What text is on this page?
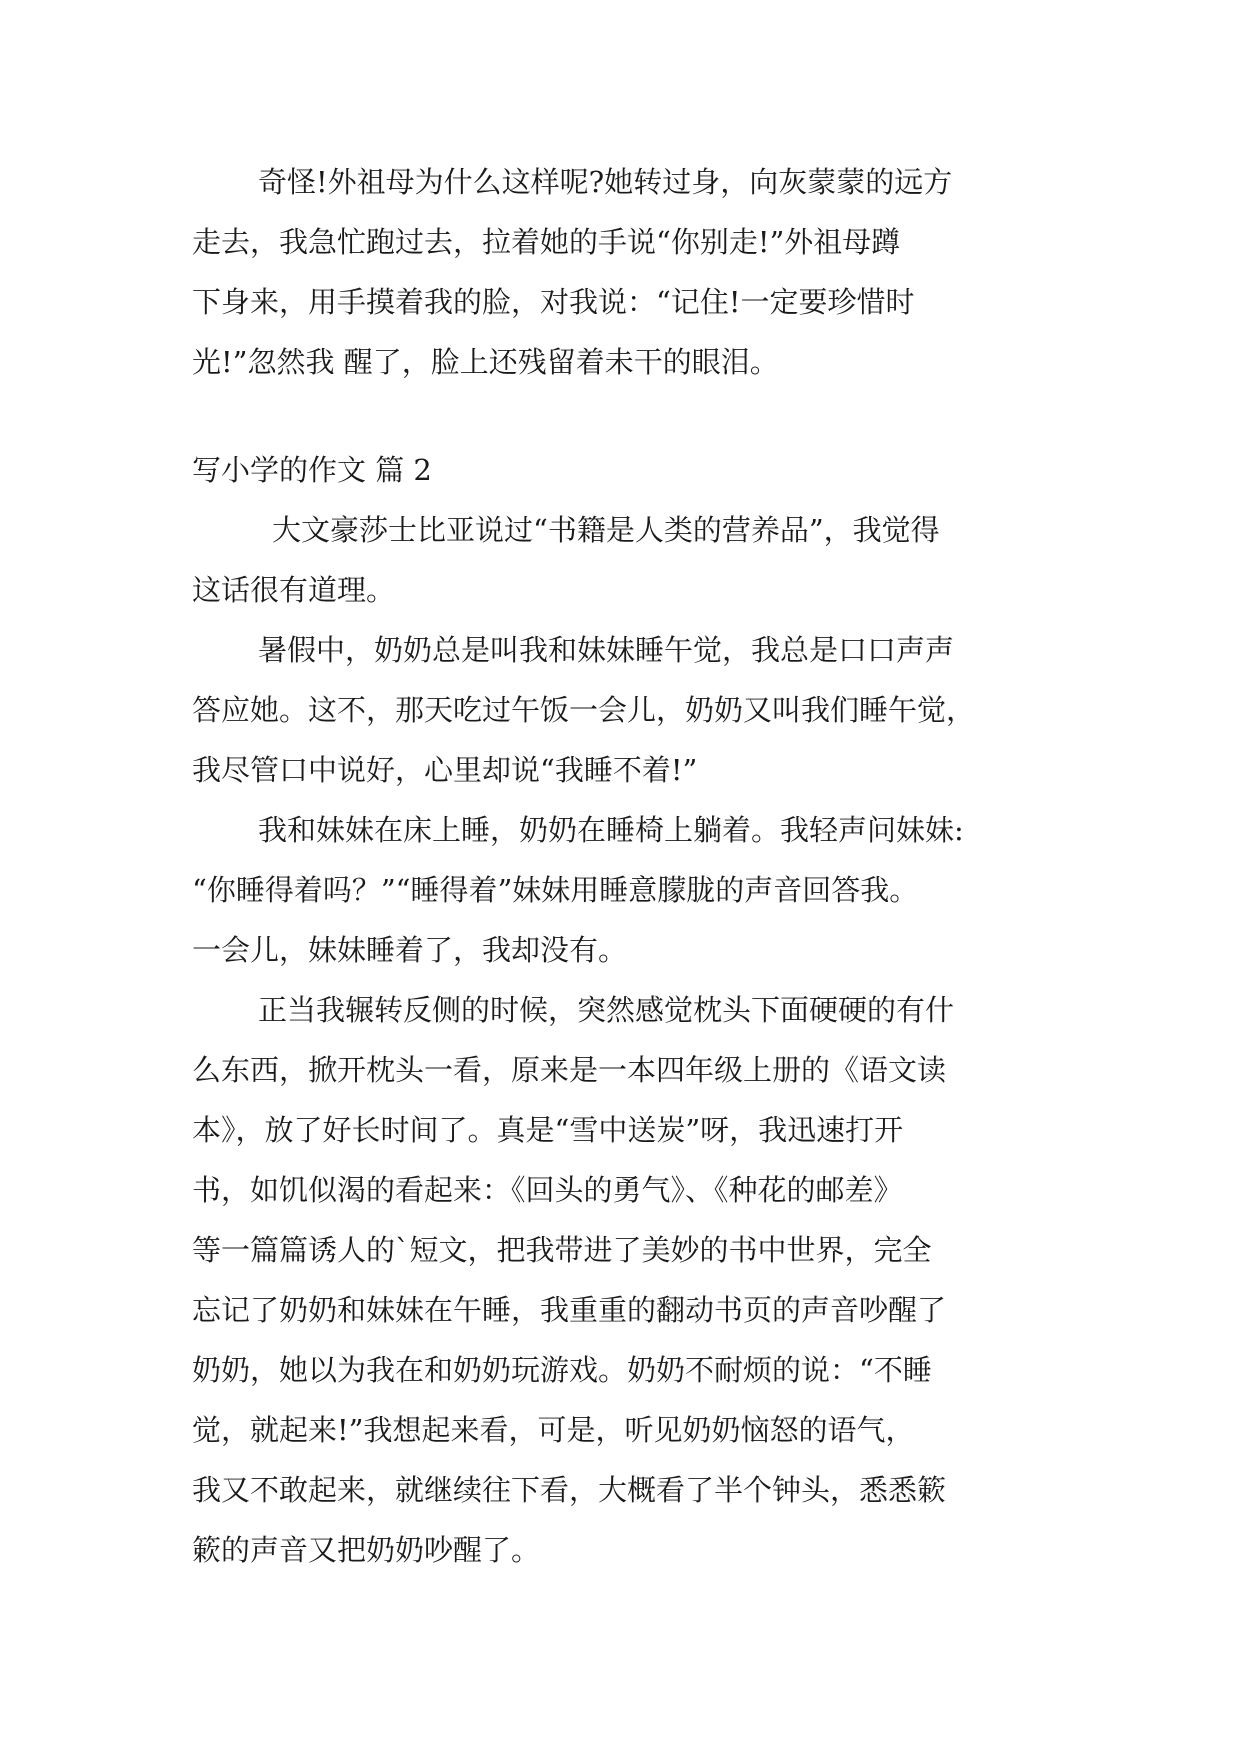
奇怪!外祖母为什么这样呢?她转过身，向灰蒙蒙的远方
走去，我急忙跑过去，拉着她的手说“你别走!”外祖母蹲
下身来，用手摸着我的脸，对我说：“记住!一定要珍惜时
光!”忽然我 醒了，脸上还残留着未干的眼泪。
写小学的作文 篇 2
大文豪莎士比亚说过“书籍是人类的营养品”，我觉得
这话很有道理。
暑假中，奶奶总是叫我和妹妹睡午觉，我总是口口声声
答应她。这不，那天吃过午饭一会儿，奶奶又叫我们睡午觉，
我尽管口中说好，心里却说“我睡不着!”
我和妹妹在床上睡，奶奶在睡椅上躺着。我轻声问妹妹:
“你睡得着吗？”“睡得着”妹妹用睡意朦胧的声音回答我。
一会儿，妹妹睡着了，我却没有。
正当我辗转反侧的时候，突然感觉枕头下面硬硬的有什
么东西，掀开枕头一看，原来是一本四年级上册的《语文读
本》，放了好长时间了。真是“雪中送炭”呀，我迅速打开
书，如饥似渴的看起来：《回头的勇气》、《种花的邮差》
等一篇篇诱人的`短文，把我带进了美妙的书中世界，完全
忘记了奶奶和妹妹在午睡，我重重的翻动书页的声音吵醒了
奶奶，她以为我在和奶奶玩游戏。奶奶不耐烦的说：“不睡
觉，就起来!”我想起来看，可是，听见奶奶恼怒的语气，
我又不敢起来，就继续往下看，大概看了半个钟头，悉悉簌
簌的声音又把奶奶吵醒了。
